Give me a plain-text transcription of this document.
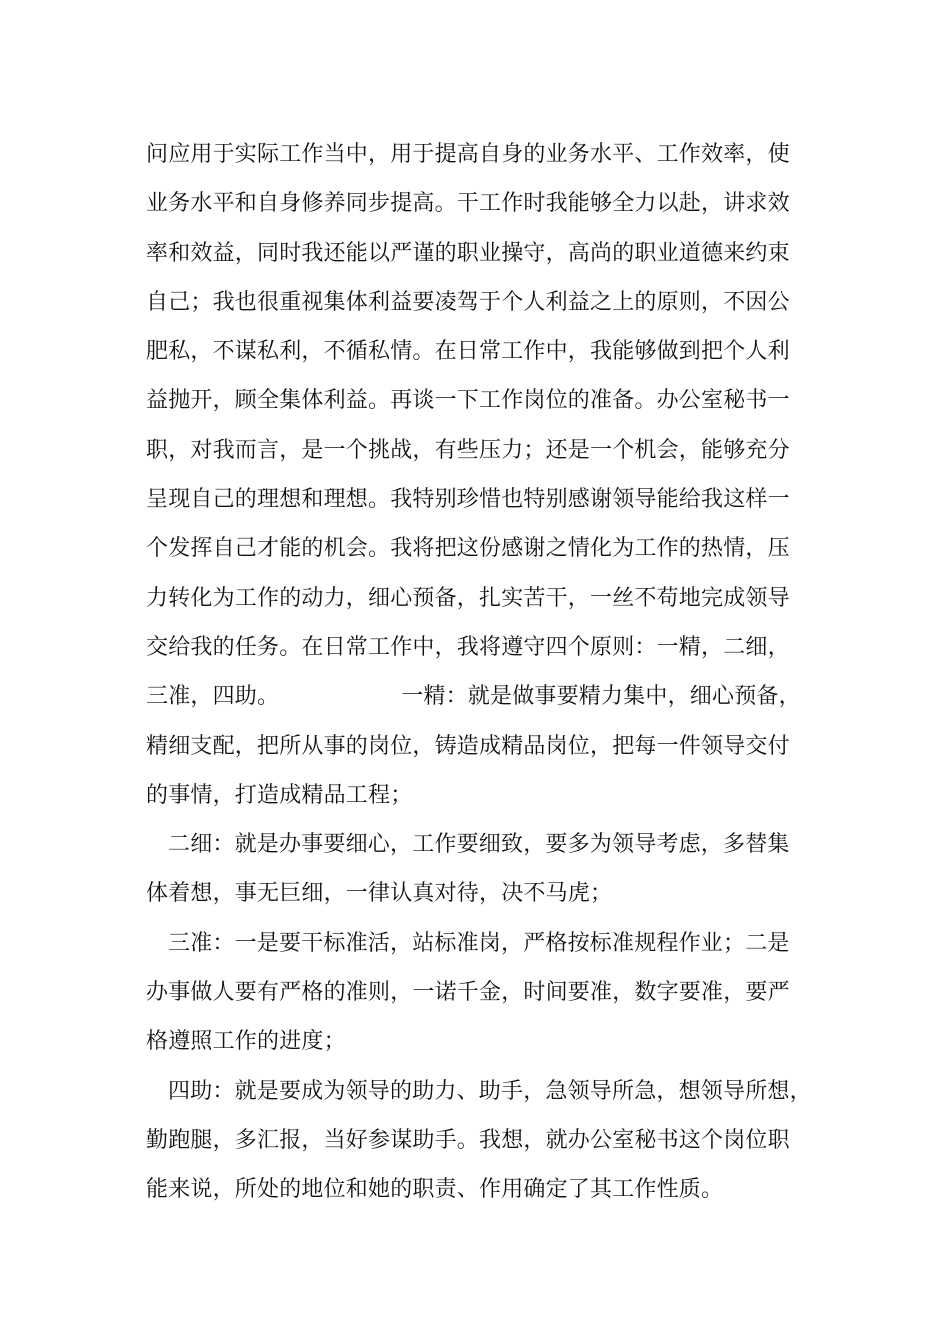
问应用于实际工作当中，用于提高自身的业务水平、工作效率，使
业务水平和自身修养同步提高。干工作时我能够全力以赴，讲求效
率和效益，同时我还能以严谨的职业操守，高尚的职业道德来约束
自己；我也很重视集体利益要凌驾于个人利益之上的原则，不因公
肥私，不谋私利，不循私情。在日常工作中，我能够做到把个人利
益抛开，顾全集体利益。再谈一下工作岗位的准备。办公室秘书一
职，对我而言，是一个挑战，有些压力；还是一个机会，能够充分
呈现自己的理想和理想。我特别珍惜也特别感谢领导能给我这样一
个发挥自己才能的机会。我将把这份感谢之情化为工作的热情，压
力转化为工作的动力，细心预备，扎实苦干，一丝不苟地完成领导
交给我的任务。在日常工作中，我将遵守四个原则：一精，二细，
三准，四助。	一精：就是做事要精力集中，细心预备，
精细支配，把所从事的岗位，铸造成精品岗位，把每一件领导交付
的事情，打造成精品工程；
二细：就是办事要细心，工作要细致，要多为领导考虑，多替集
体着想，事无巨细，一律认真对待，决不马虎；
三准：一是要干标准活，站标准岗，严格按标准规程作业；二是
办事做人要有严格的准则，一诺千金，时间要准，数字要准，要严
格遵照工作的进度；
四助：就是要成为领导的助力、助手，急领导所急，想领导所想，
勤跑腿，多汇报，当好参谋助手。我想，就办公室秘书这个岗位职
能来说，所处的地位和她的职责、作用确定了其工作性质。
